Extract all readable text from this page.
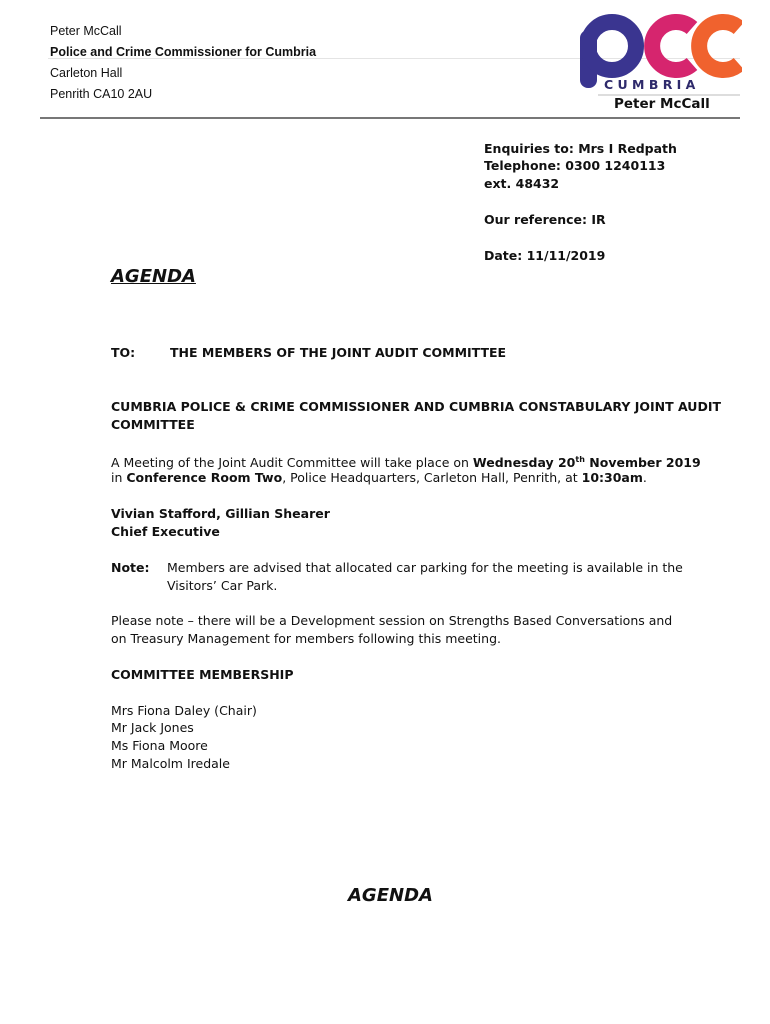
Peter McCall
Police and Crime Commissioner for Cumbria
Carleton Hall
Penrith CA10 2AU
C U M B R I A
Peter McCall
Enquiries to: Mrs I Redpath
Telephone: 0300 1240113
ext. 48432
Our reference: IR
Date: 11/11/2019
AGENDA
TO:	THE MEMBERS OF THE JOINT AUDIT COMMITTEE
CUMBRIA POLICE & CRIME COMMISSIONER AND CUMBRIA CONSTABULARY JOINT AUDIT
COMMITTEE
A Meeting of the Joint Audit Committee will take place on Wednesday 20th November 2019
in Conference Room Two, Police Headquarters, Carleton Hall, Penrith, at 10:30am.
Vivian Stafford, Gillian Shearer
Chief Executive
Note: Members are advised that allocated car parking for the meeting is available in the
Visitors’ Car Park.
Please note – there will be a Development session on Strengths Based Conversations and
on Treasury Management for members following this meeting.
COMMITTEE MEMBERSHIP
Mrs Fiona Daley (Chair)
Mr Jack Jones
Ms Fiona Moore
Mr Malcolm Iredale
AGENDA
